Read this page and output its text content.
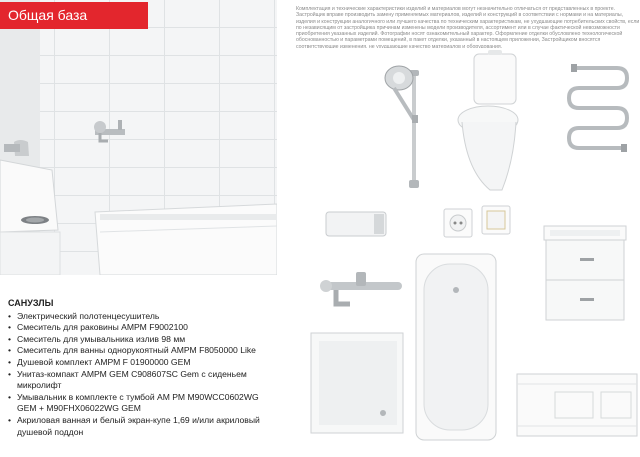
Общая база
САНУЗЛЫ
• Электрический полотенцесушитель
• Смеситель для раковины АМРМ F9002100
• Смеситель для умывальника излив 98 мм
• Смеситель для ванны однорукоятный АМРМ F8050000 Like
• Душевой комплект АМРМ F 01900000 GEM
• Унитаз-компакт АМРМ GEM C908607SC Gem с сиденьем микролифт
• Умывальник в комплекте с тумбой АМ РМ M90WCC0602WG GEM + M90FHX06022WG GEM
• Акриловая ванная и белый экран-купе 1,69 и/или акриловый душевой поддон
Комплектация и технические характеристики изделий и материалов могут незначительно отличаться от представленных в проекте. Застройщик вправе производить замену применяемых материалов, изделий и конструкций в соответствии с нормами и на материалы, изделия и конструкции аналогичного или лучшего качества по техническим характеристикам, не ухудшающие потребительских свойств, если по независящим от застройщика причинам изменены модели производителя, ассортимент или в случае фактической невозможности приобретения указанных изделий. Фотографии носят ознакомительный характер. Оформление отделки обусловлено технологической обоснованностью и параметрами помещений, в пакет отделки, указанный в настоящем приложении, Застройщиком вносятся соответствующие изменения, не ухудшающие качество материалов и оборудования.
